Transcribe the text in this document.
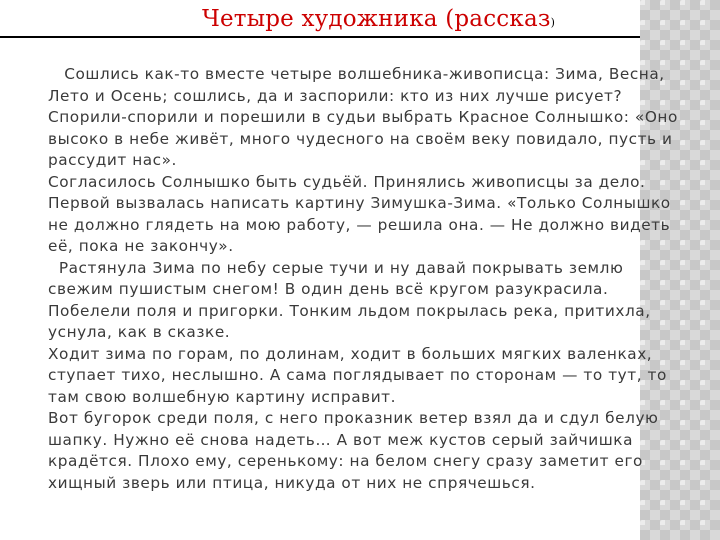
Четыре художника (рассказ)

Сошлись как-то вместе четыре волшебника-живописца: Зима, Весна, Лето и Осень; сошлись, да и заспорили: кто из них лучше рисует? Спорили-спорили и порешили в судьи выбрать Красное Солнышко: «Оно высоко в небе живёт, много чудесного на своём веку повидало, пусть и рассудит нас».

Согласилось Солнышко быть судьёй. Принялись живописцы за дело. Первой вызвалась написать картину Зимушка-Зима. «Только Солнышко не должно глядеть на мою работу, — решила она. — Не должно видеть её, пока не закончу».

Растянула Зима по небу серые тучи и ну давай покрывать землю свежим пушистым снегом! В один день всё кругом разукрасила. Побелели поля и пригорки. Тонким льдом покрылась река, притихла, уснула, как в сказке.

Ходит зима по горам, по долинам, ходит в больших мягких валенках, ступает тихо, неслышно. А сама поглядывает по сторонам — то тут, то там свою волшебную картину исправит.

Вот бугорок среди поля, с него проказник ветер взял да и сдул белую шапку. Нужно её снова надеть… А вот меж кустов серый зайчишка крадётся. Плохо ему, серенькому: на белом снегу сразу заметит его хищный зверь или птица, никуда от них не спрячешься.
